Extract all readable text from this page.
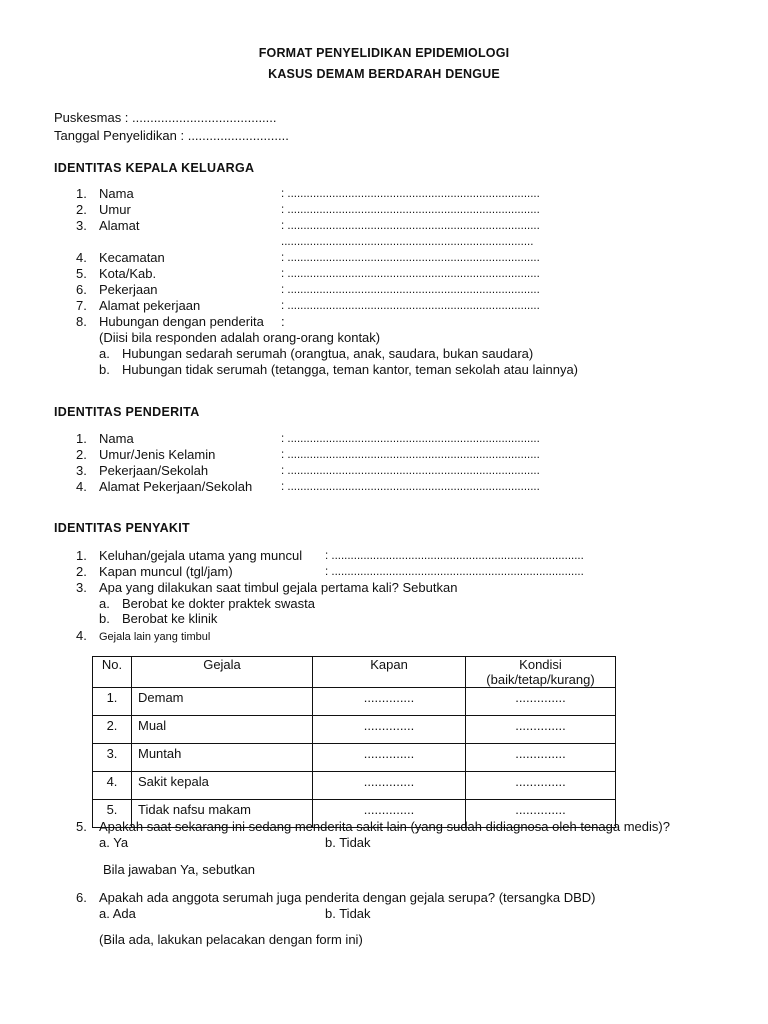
FORMAT PENYELIDIKAN EPIDEMIOLOGI
KASUS DEMAM BERDARAH DENGUE
Puskesmas : ........................................
Tanggal Penyelidikan : ............................
IDENTITAS KEPALA KELUARGA
1. Nama	: ...............................................................................
2. Umur	: ...............................................................................
3. Alamat	: ...............................................................................
...............................................................................
4. Kecamatan	: ...............................................................................
5. Kota/Kab.	: ...............................................................................
6. Pekerjaan	: ...............................................................................
7. Alamat pekerjaan	: ...............................................................................
8. Hubungan dengan penderita :
(Diisi bila responden adalah orang-orang kontak)
a. Hubungan sedarah serumah (orangtua, anak, saudara, bukan saudara)
b. Hubungan tidak serumah (tetangga, teman kantor, teman sekolah atau lainnya)
IDENTITAS PENDERITA
1. Nama	: ...............................................................................
2. Umur/Jenis Kelamin	: ...............................................................................
3. Pekerjaan/Sekolah	: ...............................................................................
4. Alamat Pekerjaan/Sekolah	: ...............................................................................
IDENTITAS PENYAKIT
1. Keluhan/gejala utama yang muncul : ...............................................................................
2. Kapan muncul (tgl/jam)	: ...............................................................................
3. Apa yang dilakukan saat timbul gejala pertama kali? Sebutkan
a. Berobat ke dokter praktek swasta
b. Berobat ke klinik
4. Gejala lain yang timbul
No.	Gejala	Kapan	Kondisi (baik/tetap/kurang)
1.	Demam	..............	..............
2.	Mual	..............	..............
3.	Muntah	..............	..............
4.	Sakit kepala	..............	..............
5.	Tidak nafsu makam	..............	..............
5. Apakah saat sekarang ini sedang menderita sakit lain (yang sudah didiagnosa oleh tenaga medis)?
a. Ya	b. Tidak
Bila jawaban Ya, sebutkan
6. Apakah ada anggota serumah juga penderita dengan gejala serupa? (tersangka DBD)
a. Ada	b. Tidak
(Bila ada, lakukan pelacakan dengan form ini)
